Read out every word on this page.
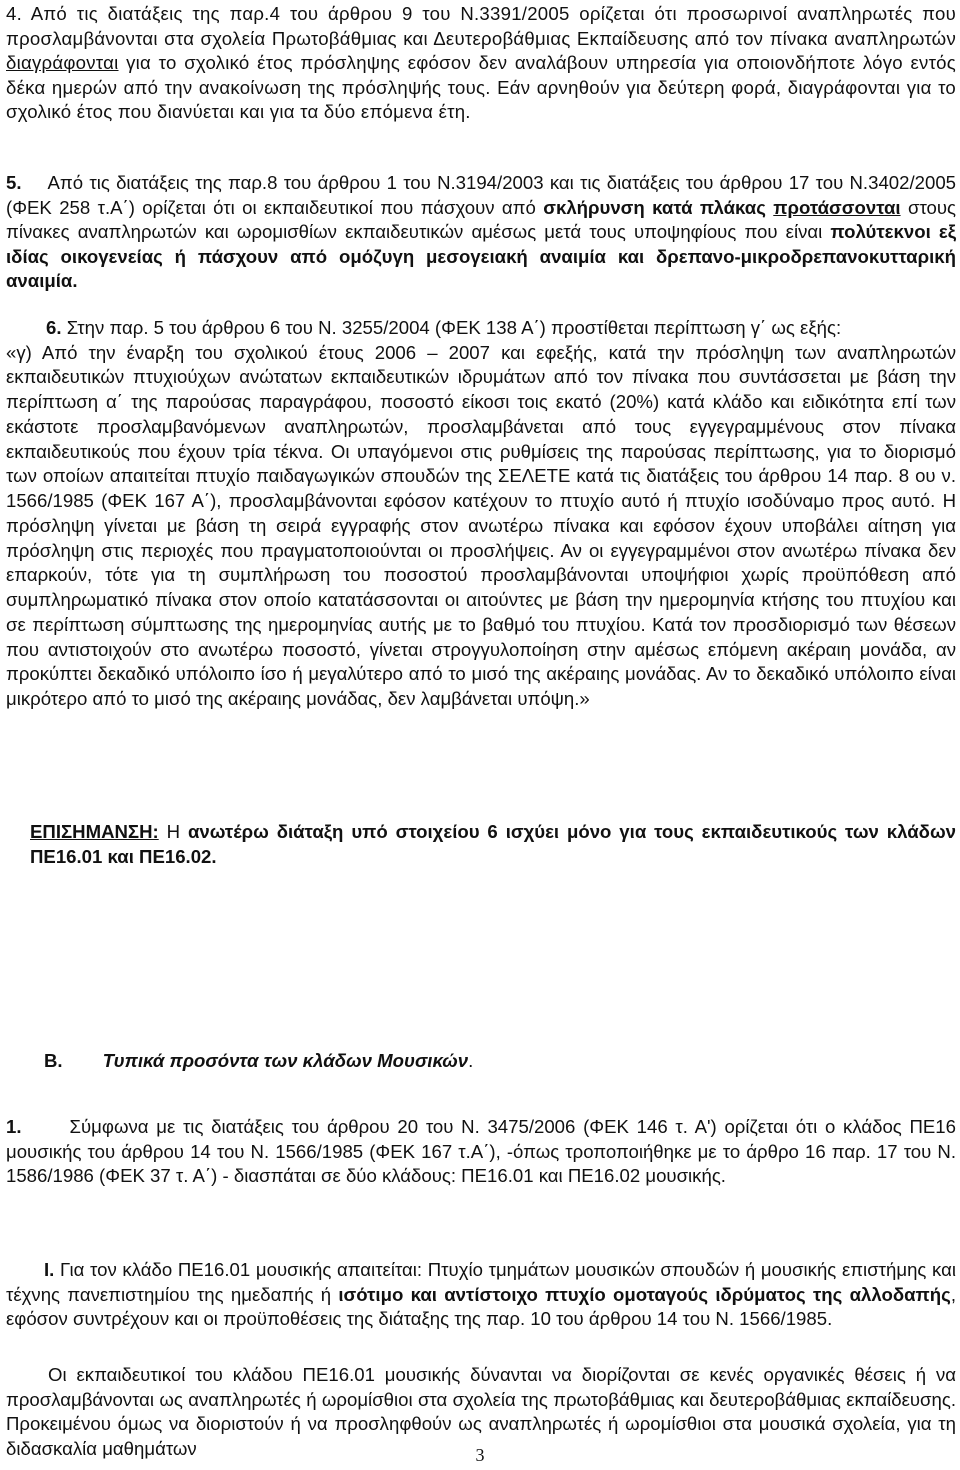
4. Από τις διατάξεις της παρ.4 του άρθρου 9 του Ν.3391/2005 ορίζεται ότι προσωρινοί αναπληρωτές που προσλαμβάνονται στα σχολεία Πρωτοβάθμιας και Δευτεροβάθμιας Εκπαίδευσης από τον πίνακα αναπληρωτών διαγράφονται για το σχολικό έτος πρόσληψης εφόσον δεν αναλάβουν υπηρεσία για οποιονδήποτε λόγο εντός δέκα ημερών από την ανακοίνωση της πρόσληψής τους. Εάν αρνηθούν για δεύτερη φορά, διαγράφονται για το σχολικό έτος που διανύεται και για τα δύο επόμενα έτη.

5. Από τις διατάξεις της παρ.8 του άρθρου 1 του Ν.3194/2003 και τις διατάξεις του άρθρου 17 του Ν.3402/2005 (ΦΕΚ 258 τ.Α΄) ορίζεται ότι οι εκπαιδευτικοί που πάσχουν από σκλήρυνση κατά πλάκας προτάσσονται στους πίνακες αναπληρωτών και ωρομισθίων εκπαιδευτικών αμέσως μετά τους υποψηφίους που είναι πολύτεκνοι εξ ιδίας οικογενείας ή πάσχουν από ομόζυγη μεσογειακή αναιμία και δρεπανο-μικροδρεπανοκυτταρική αναιμία.

6. Στην παρ. 5 του άρθρου 6 του Ν. 3255/2004 (ΦΕΚ 138 Α΄) προστίθεται περίπτωση γ΄ ως εξής:

«γ) Από την έναρξη του σχολικού έτους 2006 – 2007 και εφεξής, κατά την πρόσληψη των αναπληρωτών εκπαιδευτικών πτυχιούχων ανώτατων εκπαιδευτικών ιδρυμάτων από τον πίνακα που συντάσσεται με βάση την περίπτωση α΄ της παρούσας παραγράφου, ποσοστό είκοσι τοις εκατό (20%) κατά κλάδο και ειδικότητα επί των εκάστοτε προσλαμβανόμενων αναπληρωτών, προσλαμβάνεται από τους εγγεγραμμένους στον πίνακα εκπαιδευτικούς που έχουν τρία τέκνα. Οι υπαγόμενοι στις ρυθμίσεις της παρούσας περίπτωσης, για το διορισμό των οποίων απαιτείται πτυχίο παιδαγωγικών σπουδών της ΣΕΛΕΤΕ κατά τις διατάξεις του άρθρου 14 παρ. 8 ου ν. 1566/1985 (ΦΕΚ 167 Α΄), προσλαμβάνονται εφόσον κατέχουν το πτυχίο αυτό ή πτυχίο ισοδύναμο προς αυτό. Η πρόσληψη γίνεται με βάση τη σειρά εγγραφής στον ανωτέρω πίνακα και εφόσον έχουν υποβάλει αίτηση για πρόσληψη στις περιοχές που πραγματοποιούνται οι προσλήψεις. Αν οι εγγεγραμμένοι στον ανωτέρω πίνακα δεν επαρκούν, τότε για τη συμπλήρωση του ποσοστού προσλαμβάνονται υποψήφιοι χωρίς προϋπόθεση από συμπληρωματικό πίνακα στον οποίο κατατάσσονται οι αιτούντες με βάση την ημερομηνία κτήσης του πτυχίου και σε περίπτωση σύμπτωσης της ημερομηνίας αυτής με το βαθμό του πτυχίου. Κατά τον προσδιορισμό των θέσεων που αντιστοιχούν στο ανωτέρω ποσοστό, γίνεται στρογγυλοποίηση στην αμέσως επόμενη ακέραιη μονάδα, αν προκύπτει δεκαδικό υπόλοιπο ίσο ή μεγαλύτερο από το μισό της ακέραιης μονάδας. Αν το δεκαδικό υπόλοιπο είναι μικρότερο από το μισό της ακέραιης μονάδας, δεν λαμβάνεται υπόψη.»

ΕΠΙΣΗΜΑΝΣΗ: Η ανωτέρω διάταξη υπό στοιχείου 6 ισχύει μόνο για τους εκπαιδευτικούς των κλάδων ΠΕ16.01 και ΠΕ16.02.

Β. Τυπικά προσόντα των κλάδων Μουσικών.

1.	Σύμφωνα με τις διατάξεις του άρθρου 20 του Ν. 3475/2006 (ΦΕΚ 146 τ. Α') ορίζεται ότι ο κλάδος ΠΕ16 μουσικής του άρθρου 14 του Ν. 1566/1985 (ΦΕΚ 167 τ.Α΄), -όπως τροποποιήθηκε με το άρθρο 16 παρ. 17 του Ν. 1586/1986 (ΦΕΚ 37 τ. Α΄) - διασπάται σε δύο κλάδους: ΠΕ16.01 και ΠΕ16.02 μουσικής.

Ι. Για τον κλάδο ΠΕ16.01 μουσικής απαιτείται: Πτυχίο τμημάτων μουσικών σπουδών ή μουσικής επιστήμης και τέχνης πανεπιστημίου της ημεδαπής ή ισότιμο και αντίστοιχο πτυχίο ομοταγούς ιδρύματος της αλλοδαπής, εφόσον συντρέχουν και οι προϋποθέσεις της διάταξης της παρ. 10 του άρθρου 14 του Ν. 1566/1985.

Οι εκπαιδευτικοί του κλάδου ΠΕ16.01 μουσικής δύνανται να διορίζονται σε κενές οργανικές θέσεις ή να προσλαμβάνονται ως αναπληρωτές ή ωρομίσθιοι στα σχολεία της πρωτοβάθμιας και δευτεροβάθμιας εκπαίδευσης. Προκειμένου όμως να διοριστούν ή να προσληφθούν ως αναπληρωτές ή ωρομίσθιοι στα μουσικά σχολεία, για τη διδασκαλία μαθημάτων	3
